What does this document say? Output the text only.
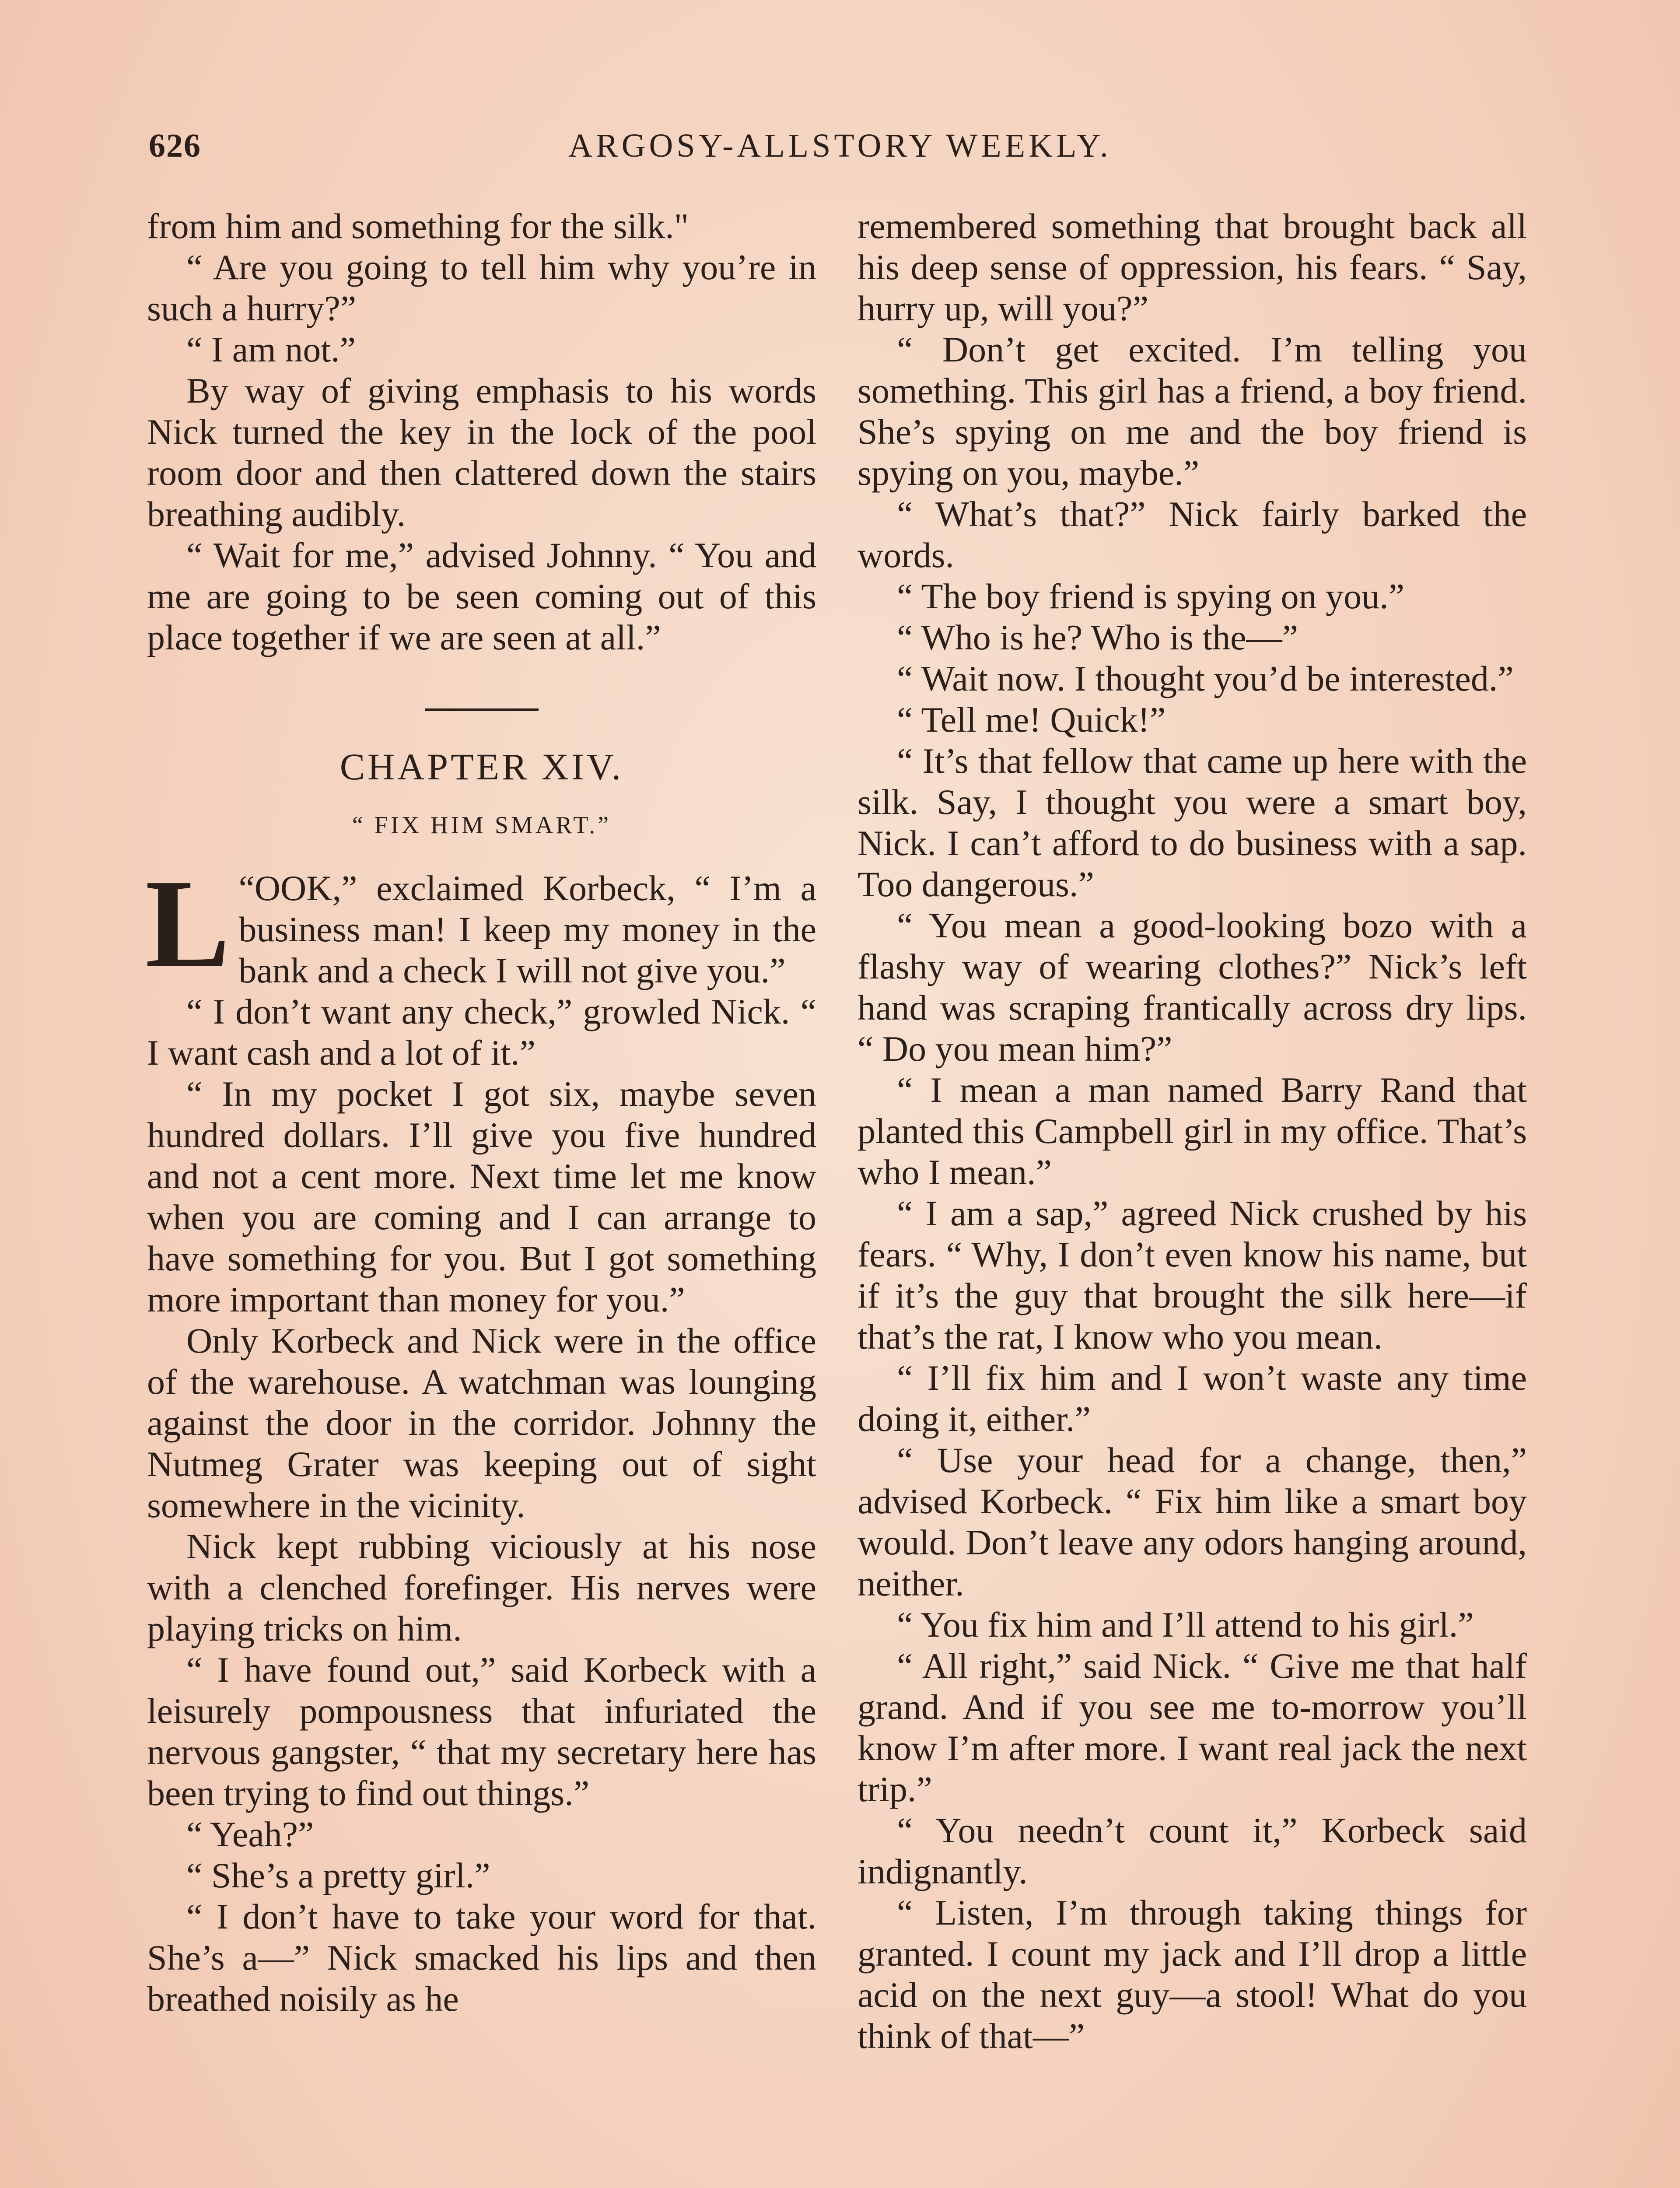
626	ARGOSY-ALLSTORY WEEKLY.

from him and something for the silk."

“ Are you going to tell him why you’re in such a hurry?”

“ I am not.”

By way of giving emphasis to his words Nick turned the key in the lock of the pool room door and then clattered down the stairs breathing audibly.

“ Wait for me,” advised Johnny. “ You and me are going to be seen coming out of this place together if we are seen at all.”

CHAPTER XIV.
“ FIX HIM SMART.”

“
L OOK,” exclaimed Korbeck, “ I’m a business man! I keep my money in the bank and a check I will not give you.”

“ I don’t want any check,” growled Nick. “ I want cash and a lot of it.”

“ In my pocket I got six, maybe seven hundred dollars. I’ll give you five hundred and not a cent more. Next time let me know when you are coming and I can arrange to have something for you. But I got something more important than money for you.”

Only Korbeck and Nick were in the office of the warehouse. A watchman was lounging against the door in the corridor. Johnny the Nutmeg Grater was keeping out of sight somewhere in the vicinity.

Nick kept rubbing viciously at his nose with a clenched forefinger. His nerves were playing tricks on him.

“ I have found out,” said Korbeck with a leisurely pompousness that infuriated the nervous gangster, “ that my secretary here has been trying to find out things.”

“ Yeah?”

“ She’s a pretty girl.”

“ I don’t have to take your word for that. She’s a—” Nick smacked his lips and then breathed noisily as he

remembered something that brought back all his deep sense of oppression, his fears. “ Say, hurry up, will you?”

“ Don’t get excited. I’m telling you something. This girl has a friend, a boy friend. She’s spying on me and the boy friend is spying on you, maybe.”

“ What’s that?” Nick fairly barked the words.

“ The boy friend is spying on you.”

“ Who is he? Who is the—”

“ Wait now. I thought you’d be interested.”

“ Tell me! Quick!”

“ It’s that fellow that came up here with the silk. Say, I thought you were a smart boy, Nick. I can’t afford to do business with a sap. Too dangerous.”

“ You mean a good-looking bozo with a flashy way of wearing clothes?” Nick’s left hand was scraping frantically across dry lips. “ Do you mean him?”

“ I mean a man named Barry Rand that planted this Campbell girl in my office. That’s who I mean.”

“ I am a sap,” agreed Nick crushed by his fears. “ Why, I don’t even know his name, but if it’s the guy that brought the silk here—if that’s the rat, I know who you mean.

“ I’ll fix him and I won’t waste any time doing it, either.”

“ Use your head for a change, then,” advised Korbeck. “ Fix him like a smart boy would. Don’t leave any odors hanging around, neither.

“ You fix him and I’ll attend to his girl.”

“ All right,” said Nick. “ Give me that half grand. And if you see me to-morrow you’ll know I’m after more. I want real jack the next trip.”

“ You needn’t count it,” Korbeck said indignantly.

“ Listen, I’m through taking things for granted. I count my jack and I’ll drop a little acid on the next guy—a stool! What do you think of that—”
